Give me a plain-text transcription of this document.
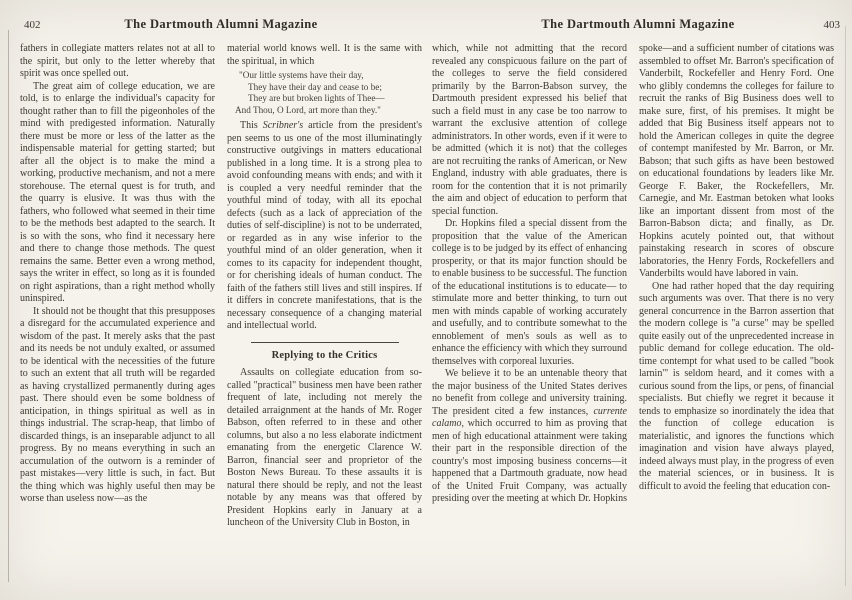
402	The Dartmouth Alumni Magazine

fathers in collegiate matters relates not at all to the spirit, but only to the letter whereby that spirit was once spelled out.

The great aim of college education, we are told, is to enlarge the individual's capacity for thought rather than to fill the pigeonholes of the mind with predigested information. Naturally there must be more or less of the latter as the indispensable material for getting started; but after all the object is to make the mind a working, productive mechanism, and not a mere storehouse. The eternal quest is for truth, and the quarry is elusive. It was thus with the fathers, who followed what seemed in their time to be the methods best adapted to the search. It is so with the sons, who find it necessary here and there to change those methods. The quest remains the same. Better even a wrong method, says the writer in effect, so long as it is founded on right aspirations, than a right method wholly uninspired.

It should not be thought that this presupposes a disregard for the accumulated experience and wisdom of the past. It merely asks that the past and its needs be not unduly exalted, or assumed to be identical with the necessities of the future to such an extent that all truth will be regarded as having crystallized permanently during ages past. There should even be some boldness of anticipation, in things spiritual as well as in things industrial. The scrap-heap, that limbo of discarded things, is an inseparable adjunct to all progress. By no means everything in such an accumulation of the outworn is a reminder of past mistakes—very little is such, in fact. But the thing which was highly useful then may be worse than useless now—as the

material world knows well. It is the same with the spiritual, in which

"Our little systems have their day,
They have their day and cease to be;
They are but broken lights of Thee—
And Thou, O Lord, art more than they."

This Scribner's article from the president's pen seems to us one of the most illuminatingly constructive outgivings in matters educational published in a long time. It is a strong plea to avoid confounding means with ends; and with it is coupled a very needful reminder that the youthful mind of today, with all its epochal defects (such as a lack of appreciation of the duties of self-discipline) is not to be underrated, or regarded as in any wise inferior to the youthful mind of an older generation, when it comes to its capacity for independent thought, or for cherishing ideals of human conduct. The faith of the fathers still lives and still inspires. If it differs in concrete manifestations, that is the necessary consequence of a changing material and intellectual world.

Replying to the Critics

Assaults on collegiate education from so-called "practical" business men have been rather frequent of late, including not merely the detailed arraignment at the hands of Mr. Roger Babson, often referred to in these and other columns, but also a no less elaborate indictment emanating from the energetic Clarence W. Barron, financial seer and proprietor of the Boston News Bureau. To these assaults it is natural there should be reply, and not the least notable by any means was that offered by President Hopkins early in January at a luncheon of the University Club in Boston, in

The Dartmouth Alumni Magazine	403

which, while not admitting that the record revealed any conspicuous failure on the part of the colleges to serve the field considered primarily by the Barron-Babson survey, the Dartmouth president expressed his belief that such a field must in any case be too narrow to warrant the exclusive attention of college administrators. In other words, even if it were to be admitted (which it is not) that the colleges are not recruiting the ranks of American, or New England, industry with able graduates, there is room for the contention that it is not primarily the aim and object of education to perform that special function.

Dr. Hopkins filed a special dissent from the proposition that the value of the American college is to be judged by its effect of enhancing prosperity, or that its major function should be to enable business to be successful. The function of the educational institutions is to educate— to stimulate more and better thinking, to turn out men with minds capable of working accurately and usefully, and to contribute somewhat to the ennoblement of men's souls as well as to enhance the efficiency with which they surround themselves with corporeal luxuries.

We believe it to be an untenable theory that the major business of the United States derives no benefit from college and university training. The president cited a few instances, currente calamo, which occurred to him as proving that men of high educational attainment were taking their part in the responsible direction of the country's most imposing business concerns—it happened that a Dartmouth graduate, now head of the United Fruit Company, was actually presiding over the meeting at which Dr. Hopkins

spoke—and a sufficient number of citations was assembled to offset Mr. Barron's specification of Vanderbilt, Rockefeller and Henry Ford. One who glibly condemns the colleges for failure to recruit the ranks of Big Business does well to make sure, first, of his premises. It might be added that Big Business itself appears not to hold the American colleges in quite the degree of contempt manifested by Mr. Barron, or Mr. Babson; that such gifts as have been bestowed on educational foundations by leaders like Mr. George F. Baker, the Rockefellers, Mr. Carnegie, and Mr. Eastman betoken what looks like an important dissent from most of the Barron-Babson dicta; and finally, as Dr. Hopkins acutely pointed out, that without painstaking research in scores of obscure laboratories, the Henry Fords, Rockefellers and Vanderbilts would have labored in vain.

One had rather hoped that the day requiring such arguments was over. That there is no very general concurrence in the Barron assertion that the modern college is "a curse" may be spelled quite easily out of the unprecedented increase in public demand for college education. The old-time contempt for what used to be called "book larnin'" is seldom heard, and it comes with a curious sound from the lips, or pens, of financial specialists. But chiefly we regret it because it tends to emphasize so inordinately the idea that the function of college education is materialistic, and ignores the functions which imagination and vision have always played, indeed always must play, in the progress of even the material sciences, or in business. It is difficult to avoid the feeling that education con-
